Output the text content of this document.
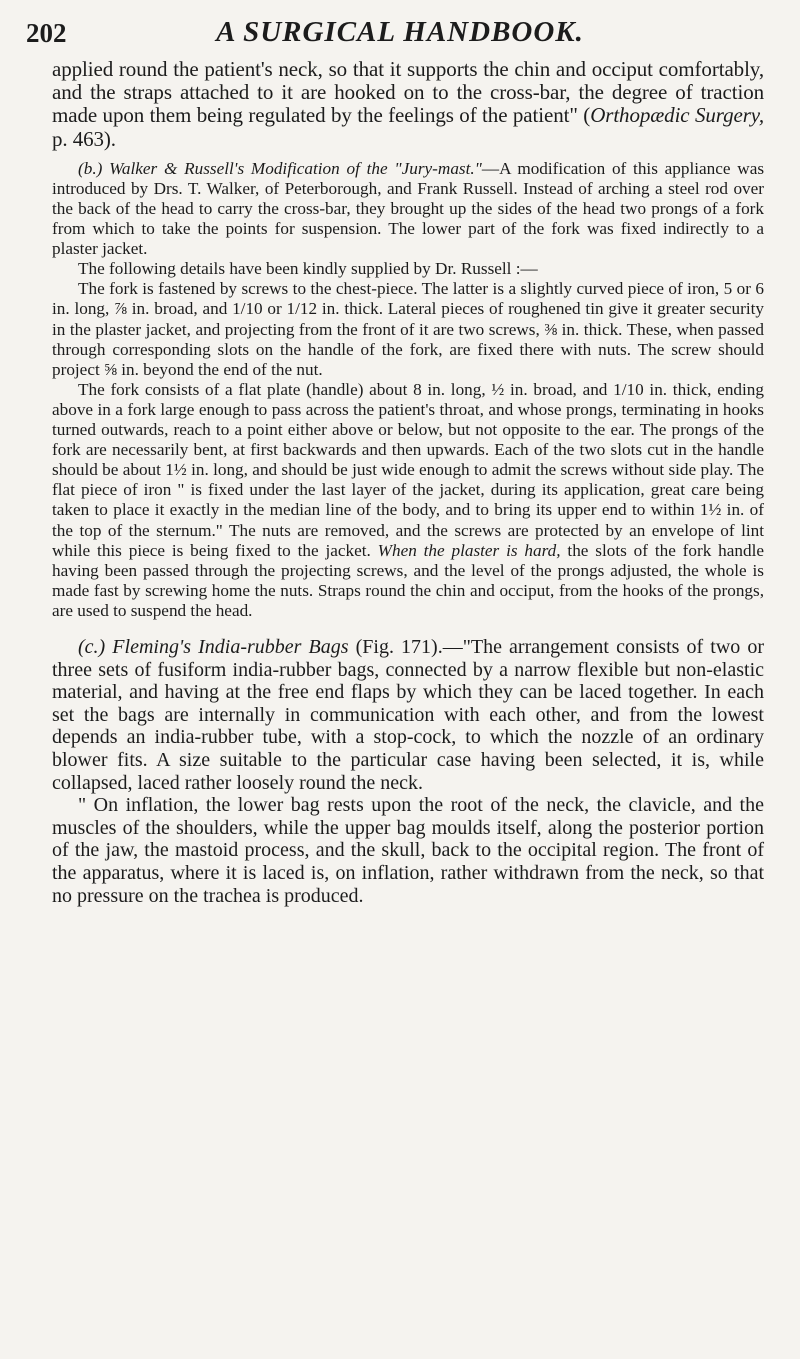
202	A SURGICAL HANDBOOK.

applied round the patient's neck, so that it supports the chin and occiput comfortably, and the straps attached to it are hooked on to the cross-bar, the degree of traction made upon them being regulated by the feelings of the patient" (Orthopædic Surgery, p. 463).

(b.) Walker & Russell's Modification of the "Jury-mast."—A modification of this appliance was introduced by Drs. T. Walker, of Peterborough, and Frank Russell. Instead of arching a steel rod over the back of the head to carry the cross-bar, they brought up the sides of the head two prongs of a fork from which to take the points for suspension. The lower part of the fork was fixed indirectly to a plaster jacket.

The following details have been kindly supplied by Dr. Russell :—

The fork is fastened by screws to the chest-piece. The latter is a slightly curved piece of iron, 5 or 6 in. long, ⅞ in. broad, and 1/10 or 1/12 in. thick. Lateral pieces of roughened tin give it greater security in the plaster jacket, and projecting from the front of it are two screws, ⅜ in. thick. These, when passed through corresponding slots on the handle of the fork, are fixed there with nuts. The screw should project ⅝ in. beyond the end of the nut.

The fork consists of a flat plate (handle) about 8 in. long, ½ in. broad, and 1/10 in. thick, ending above in a fork large enough to pass across the patient's throat, and whose prongs, terminating in hooks turned outwards, reach to a point either above or below, but not opposite to the ear. The prongs of the fork are necessarily bent, at first backwards and then upwards. Each of the two slots cut in the handle should be about 1½ in. long, and should be just wide enough to admit the screws without side play. The flat piece of iron " is fixed under the last layer of the jacket, during its application, great care being taken to place it exactly in the median line of the body, and to bring its upper end to within 1½ in. of the top of the sternum." The nuts are removed, and the screws are protected by an envelope of lint while this piece is being fixed to the jacket. When the plaster is hard, the slots of the fork handle having been passed through the projecting screws, and the level of the prongs adjusted, the whole is made fast by screwing home the nuts. Straps round the chin and occiput, from the hooks of the prongs, are used to suspend the head.

(c.) Fleming's India-rubber Bags (Fig. 171).—"The arrangement consists of two or three sets of fusiform india-rubber bags, connected by a narrow flexible but non-elastic material, and having at the free end flaps by which they can be laced together. In each set the bags are internally in communication with each other, and from the lowest depends an india-rubber tube, with a stop-cock, to which the nozzle of an ordinary blower fits. A size suitable to the particular case having been selected, it is, while collapsed, laced rather loosely round the neck.

" On inflation, the lower bag rests upon the root of the neck, the clavicle, and the muscles of the shoulders, while the upper bag moulds itself, along the posterior portion of the jaw, the mastoid process, and the skull, back to the occipital region. The front of the apparatus, where it is laced is, on inflation, rather withdrawn from the neck, so that no pressure on the trachea is produced.
